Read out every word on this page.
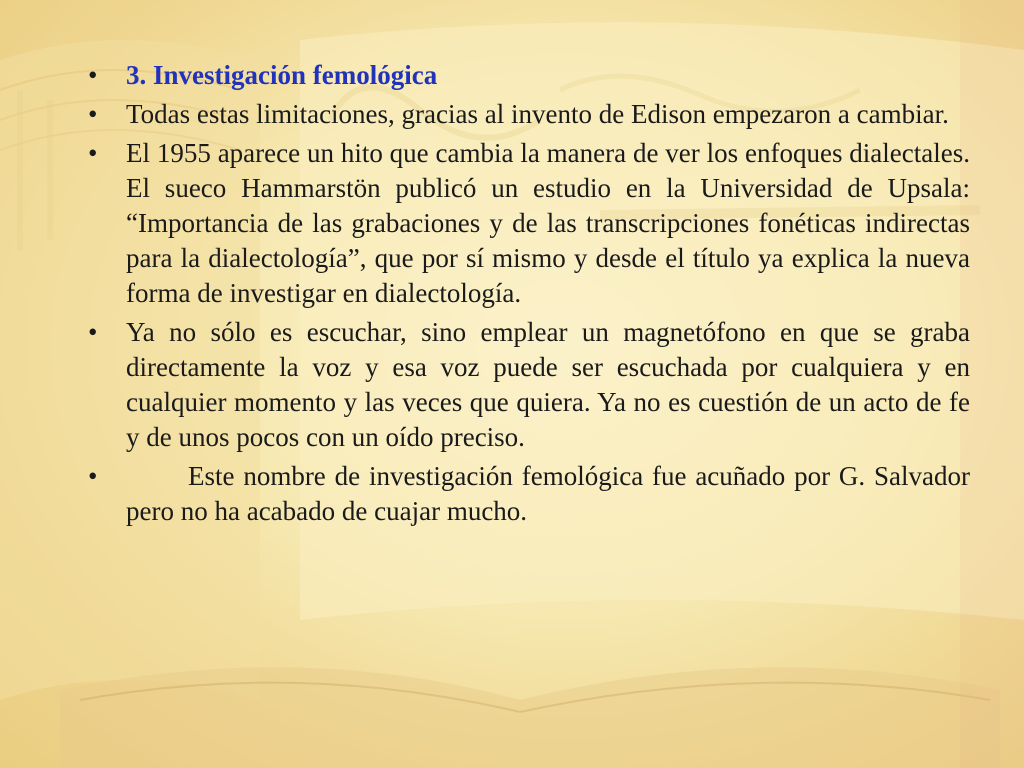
• 3. Investigación femológica
• Todas estas limitaciones, gracias al invento de Edison empezaron a cambiar.
• El 1955 aparece un hito que cambia la manera de ver los enfoques dialectales. El sueco Hammarstön publicó un estudio en la Universidad de Upsala: “Importancia de las grabaciones y de las transcripciones fonéticas indirectas para la dialectología”, que por sí mismo y desde el título ya explica la nueva forma de investigar en dialectología.
• Ya no sólo es escuchar, sino emplear un magnetófono en que se graba directamente la voz y esa voz puede ser escuchada por cualquiera y en cualquier momento y las veces que quiera. Ya no es cuestión de un acto de fe y de unos pocos con un oído preciso.
•	Este nombre de investigación femológica fue acuñado por G. Salvador pero no ha acabado de cuajar mucho.
